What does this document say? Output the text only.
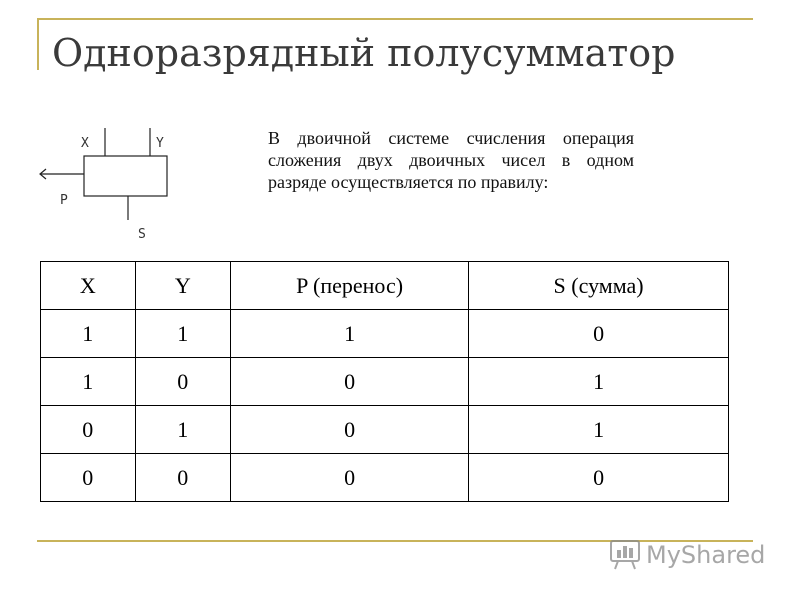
Одноразрядный полусумматор
X	Y
P
S

В двоичной системе счисления операция сложения двух двоичных чисел в одном разряде осуществляется по правилу:

X	Y	P (перенос)	S (сумма)
1	1	1	0
1	0	0	1
0	1	0	1
0	0	0	0
MyShared
